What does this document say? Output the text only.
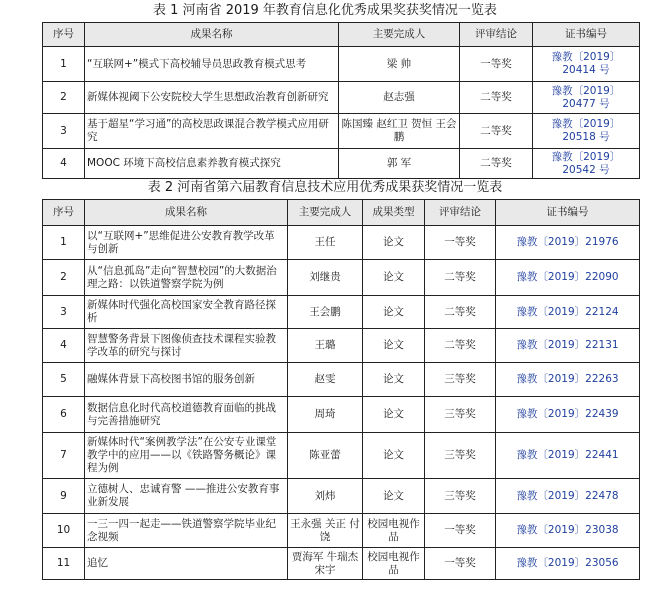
表 1 河南省 2019 年教育信息化优秀成果奖获奖情况一览表
序号	成果名称	主要完成人	评审结论	证书编号
1	“互联网+”模式下高校辅导员思政教育模式思考	梁 帅	一等奖	豫教〔2019〕20414 号
2	新媒体视阈下公安院校大学生思想政治教育创新研究	赵志强	二等奖	豫教〔2019〕20477 号
3	基于超星“学习通”的高校思政课混合教学模式应用研究	陈国臻 赵红卫 贺恒 王会鹏	二等奖	豫教〔2019〕20518 号
4	MOOC 环境下高校信息素养教育模式探究	郭 军	二等奖	豫教〔2019〕20542 号
表 2 河南省第六届教育信息技术应用优秀成果获奖情况一览表
序号	成果名称	主要完成人	成果类型	评审结论	证书编号
1	以“互联网+”思维促进公安教育教学改革与创新	王任	论文	一等奖	豫教〔2019〕21976
2	从“信息孤岛”走向“智慧校园”的大数据治理之路：以铁道警察学院为例	刘继贵	论文	二等奖	豫教〔2019〕22090
3	新媒体时代强化高校国家安全教育路径探析	王会鹏	论文	二等奖	豫教〔2019〕22124
4	智慧警务背景下图像侦查技术课程实验教学改革的研究与探讨	王璐	论文	二等奖	豫教〔2019〕22131
5	融媒体背景下高校图书馆的服务创新	赵雯	论文	三等奖	豫教〔2019〕22263
6	数据信息化时代高校道德教育面临的挑战与完善措施研究	周琦	论文	三等奖	豫教〔2019〕22439
7	新媒体时代“案例教学法”在公安专业课堂教学中的应用——以《铁路警务概论》课程为例	陈亚蕾	论文	三等奖	豫教〔2019〕22441
9	立德树人、忠诚育警 ——推进公安教育事业新发展	刘炜	论文	三等奖	豫教〔2019〕22478
10	一三一四一起走——铁道警察学院毕业纪念视频	王永强 关正 付饶	校园电视作品	一等奖	豫教〔2019〕23038
11	追忆	贾海军 牛瑞杰 宋宇	校园电视作品	一等奖	豫教〔2019〕23056
